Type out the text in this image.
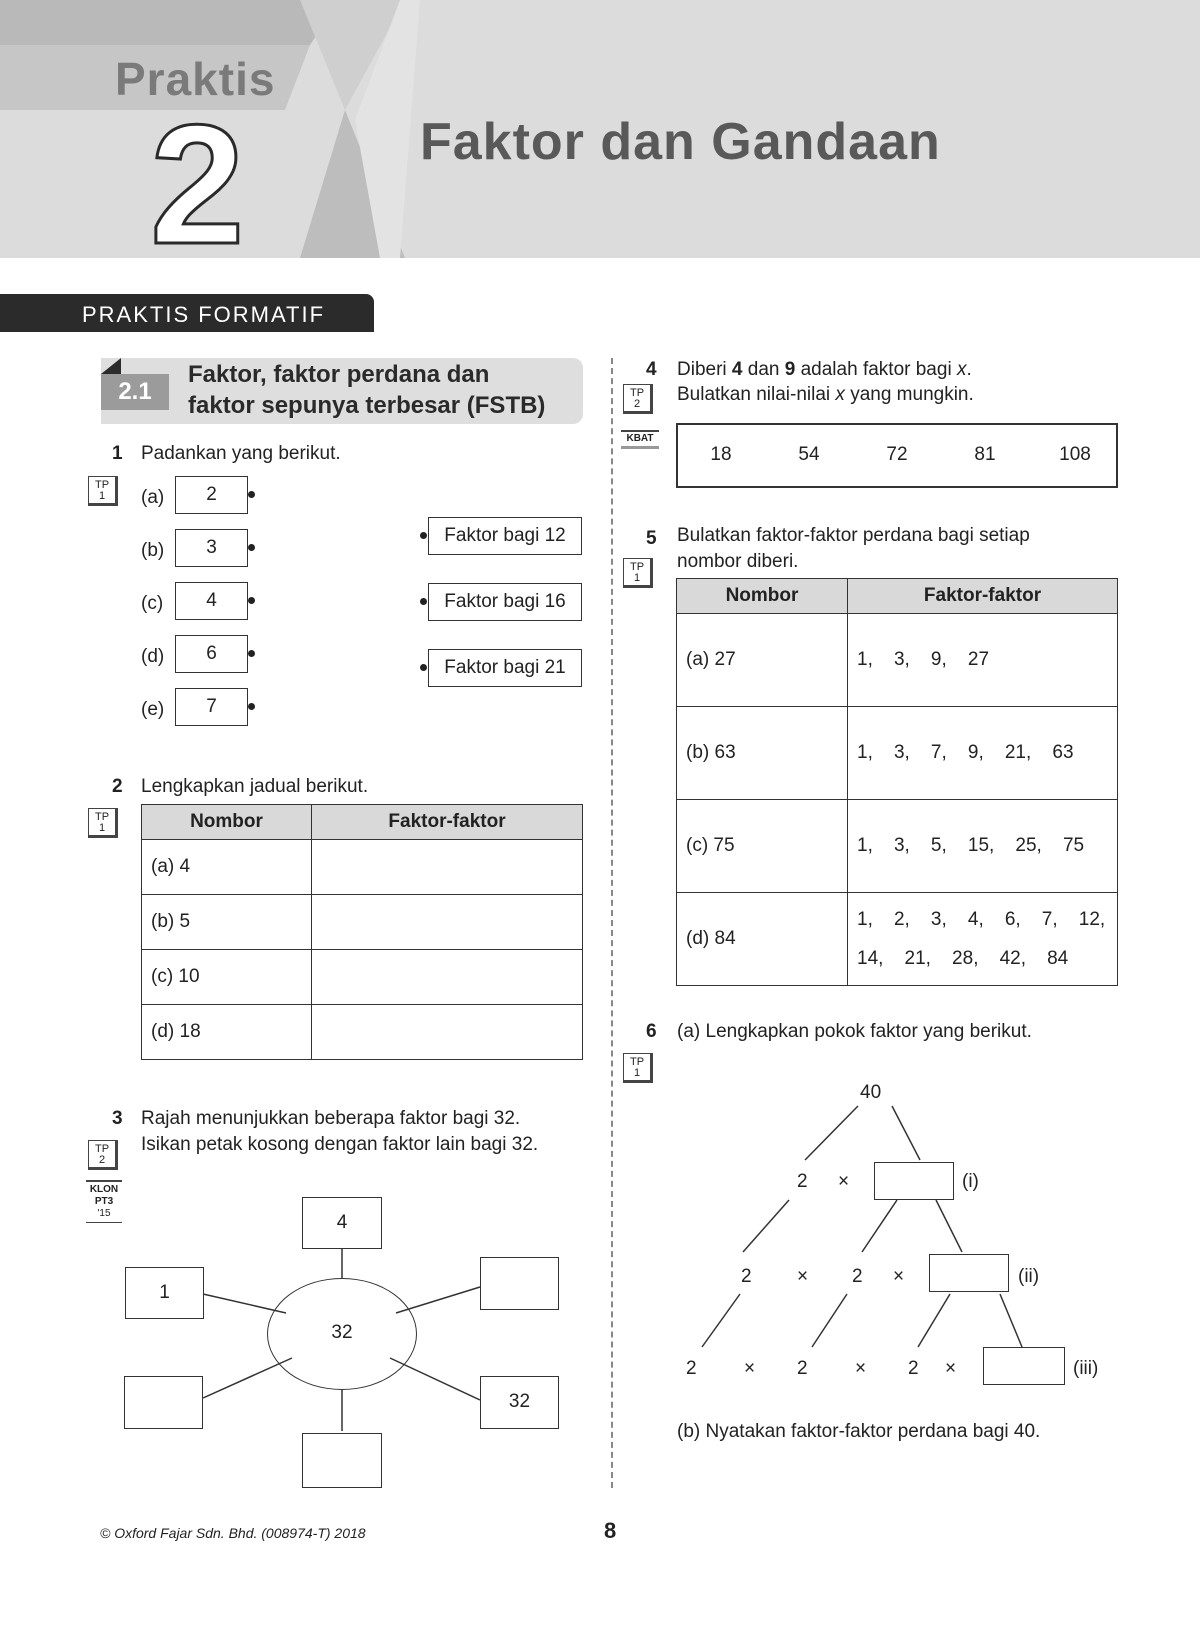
Praktis
2	Faktor dan Gandaan
PRAKTIS FORMATIF
2.1
Faktor, faktor perdana dan
faktor sepunya terbesar (FSTB)
1 Padankan yang berikut.
TP
1	(a)	2
(b)	3
(c)	4
(d)	6
(e)	7
Faktor bagi 12
Faktor bagi 16
Faktor bagi 21
2 Lengkapkan jadual berikut.
TP
1	Nombor	Faktor-faktor
(a) 4	
(b) 5	
(c) 10	
(d) 18	
3 Rajah menunjukkan beberapa faktor bagi 32.
Isikan petak kosong dengan faktor lain bagi 32.
TP
2
KLON
PT3
'15
32
4
1
32
4 Diberi 4 dan 9 adalah faktor bagi x.
Bulatkan nilai-nilai x yang mungkin.
TP
2
KBAT
18	54	72	81	108
5 Bulatkan faktor-faktor perdana bagi setiap
nombor diberi.
TP
1
Nombor	Faktor-faktor
(a) 27	1,    3,    9,    27
(b) 63	1,    3,    7,    9,    21,    63
(c) 75	1,    3,    5,    15,    25,    75
(d) 84	1,    2,    3,    4,    6,    7,    12,
14,    21,    28,    42,    84
6 (a) Lengkapkan pokok faktor yang berikut.
TP
1
40
2 ×	(i)
2 × 2 ×	(ii)
2 × 2 × 2 ×	(iii)
(b) Nyatakan faktor-faktor perdana bagi 40.
© Oxford Fajar Sdn. Bhd. (008974-T) 2018	8
